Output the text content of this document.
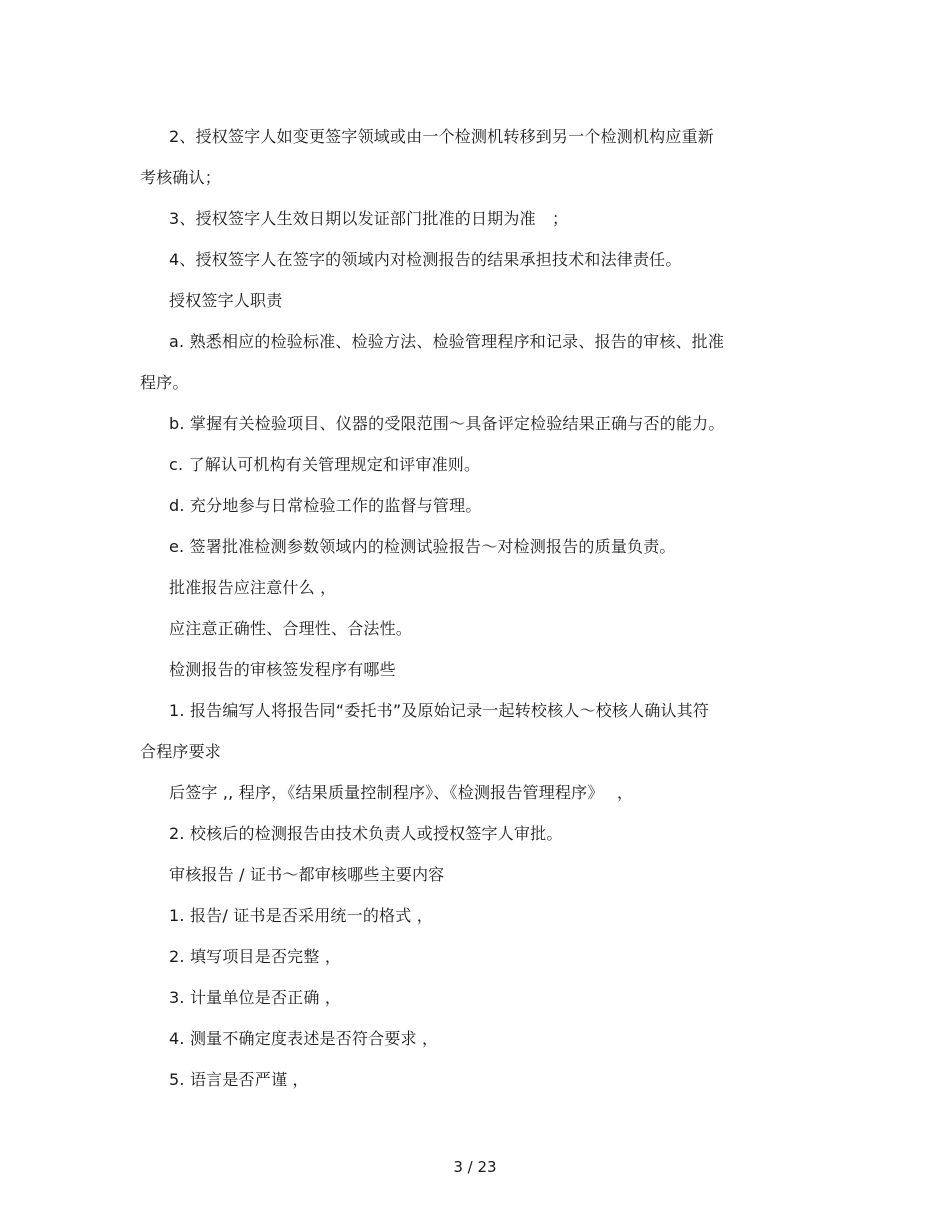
2、授权签字人如变更签字领域或由一个检测机转移到另一个检测机构应重新
考核确认；
3、授权签字人生效日期以发证部门批准的日期为准　；
4、授权签字人在签字的领域内对检测报告的结果承担技术和法律责任。
授权签字人职责
a. 熟悉相应的检验标准、检验方法、检验管理程序和记录、报告的审核、批准
程序。
b. 掌握有关检验项目、仪器的受限范围～具备评定检验结果正确与否的能力。
c. 了解认可机构有关管理规定和评审准则。
d. 充分地参与日常检验工作的监督与管理。
e. 签署批准检测参数领域内的检测试验报告～对检测报告的质量负责。
批准报告应注意什么 ，
应注意正确性、合理性、合法性。
检测报告的审核签发程序有哪些
1. 报告编写人将报告同“委托书”及原始记录一起转校核人～校核人确认其符
合程序要求
后签字 ,, 程序，《结果质量控制程序》、《检测报告管理程序》　 ，
2. 校核后的检测报告由技术负责人或授权签字人审批。
审核报告 / 证书～都审核哪些主要内容
1. 报告/ 证书是否采用统一的格式 ，
2. 填写项目是否完整 ，
3. 计量单位是否正确 ，
4. 测量不确定度表述是否符合要求 ，
5. 语言是否严谨 ，
3 / 23
